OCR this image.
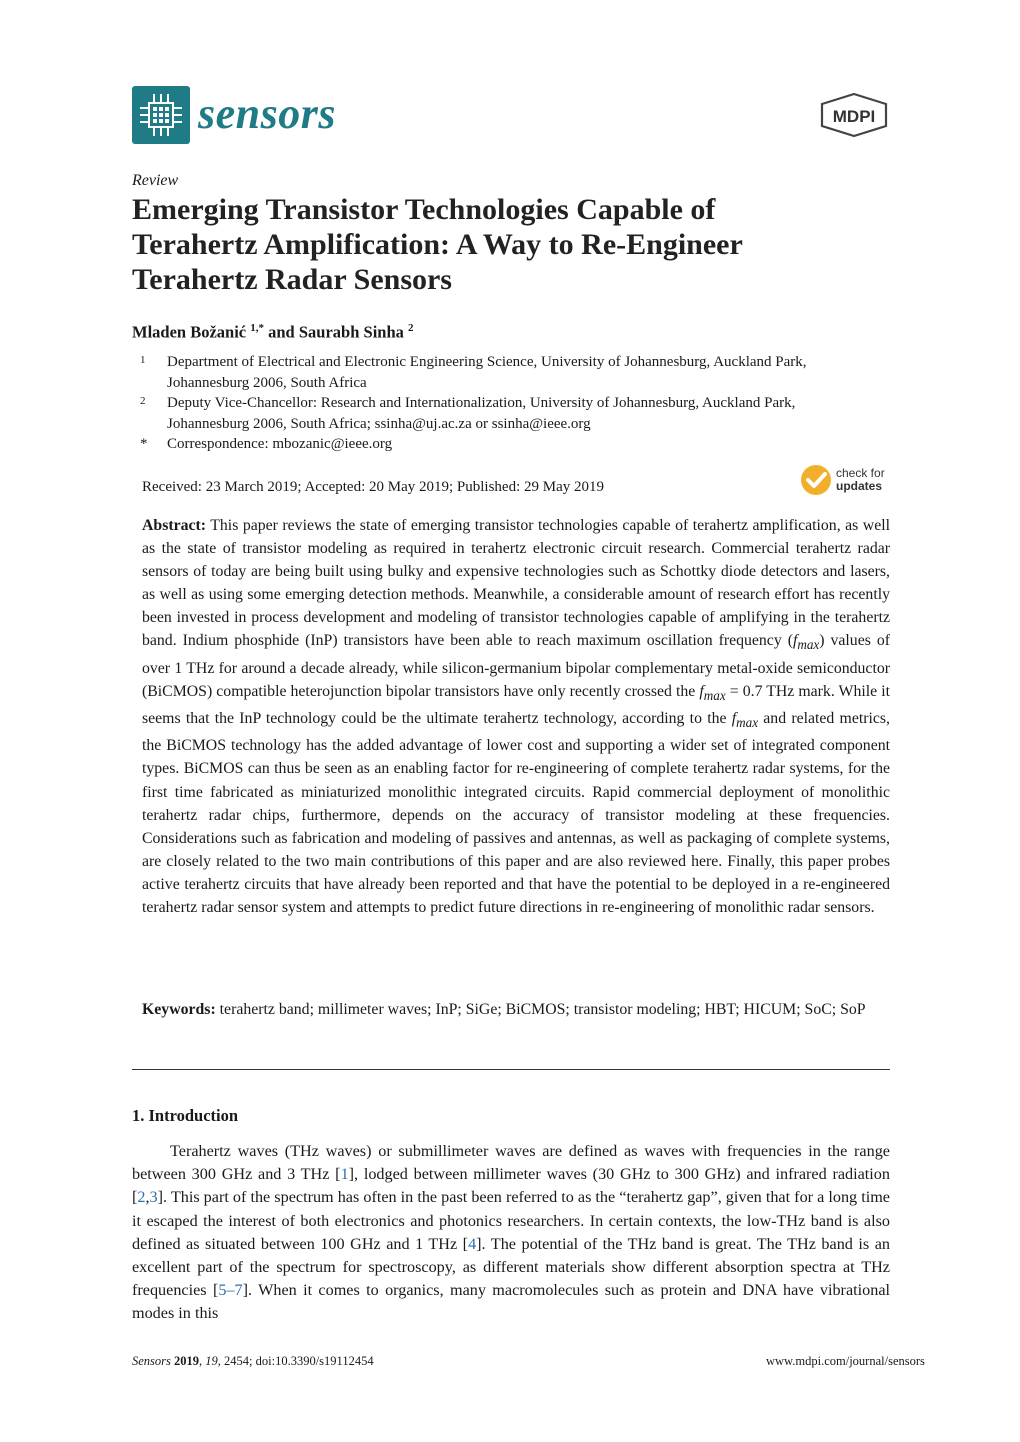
sensors	MDPI
Review
Emerging Transistor Technologies Capable of
Terahertz Amplification: A Way to Re-Engineer
Terahertz Radar Sensors
Mladen Božanić $^{1,*}$ and Saurabh Sinha $^2$
1 Department of Electrical and Electronic Engineering Science, University of Johannesburg, Auckland Park,
Johannesburg 2006, South Africa
2 Deputy Vice-Chancellor: Research and Internationalization, University of Johannesburg, Auckland Park,
Johannesburg 2006, South Africa; ssinha@uj.ac.za or ssinha@ieee.org
* Correspondence: mbozanic@ieee.org
Received: 23 March 2019; Accepted: 20 May 2019; Published: 29 May 2019
check for
updates
Abstract: This paper reviews the state of emerging transistor technologies capable of terahertz amplification, as well as the state of transistor modeling as required in terahertz electronic circuit research. Commercial terahertz radar sensors of today are being built using bulky and expensive technologies such as Schottky diode detectors and lasers, as well as using some emerging detection methods. Meanwhile, a considerable amount of research effort has recently been invested in process development and modeling of transistor technologies capable of amplifying in the terahertz band. Indium phosphide (InP) transistors have been able to reach maximum oscillation frequency $(f_{max})$ values of over 1 THz for around a decade already, while silicon-germanium bipolar complementary metal-oxide semiconductor (BiCMOS) compatible heterojunction bipolar transistors have only recently crossed the $f_{max} = 0.7$ THz mark. While it seems that the InP technology could be the ultimate terahertz technology, according to the $f_{max}$ and related metrics, the BiCMOS technology has the added advantage of lower cost and supporting a wider set of integrated component types. BiCMOS can thus be seen as an enabling factor for re-engineering of complete terahertz radar systems, for the first time fabricated as miniaturized monolithic integrated circuits. Rapid commercial deployment of monolithic terahertz radar chips, furthermore, depends on the accuracy of transistor modeling at these frequencies. Considerations such as fabrication and modeling of passives and antennas, as well as packaging of complete systems, are closely related to the two main contributions of this paper and are also reviewed here. Finally, this paper probes active terahertz circuits that have already been reported and that have the potential to be deployed in a re-engineered terahertz radar sensor system and attempts to predict future directions in re-engineering of monolithic radar sensors.
Keywords: terahertz band; millimeter waves; InP; SiGe; BiCMOS; transistor modeling; HBT; HICUM; SoC; SoP
1. Introduction
Terahertz waves (THz waves) or submillimeter waves are defined as waves with frequencies in the range between 300 GHz and 3 THz [1], lodged between millimeter waves (30 GHz to 300 GHz) and infrared radiation [2,3]. This part of the spectrum has often in the past been referred to as the “terahertz gap”, given that for a long time it escaped the interest of both electronics and photonics researchers. In certain contexts, the low-THz band is also defined as situated between 100 GHz and 1 THz [4]. The potential of the THz band is great. The THz band is an excellent part of the spectrum for spectroscopy, as different materials show different absorption spectra at THz frequencies [5–7]. When it comes to organics, many macromolecules such as protein and DNA have vibrational modes in this
Sensors 2019, 19, 2454; doi:10.3390/s19112454	www.mdpi.com/journal/sensors
